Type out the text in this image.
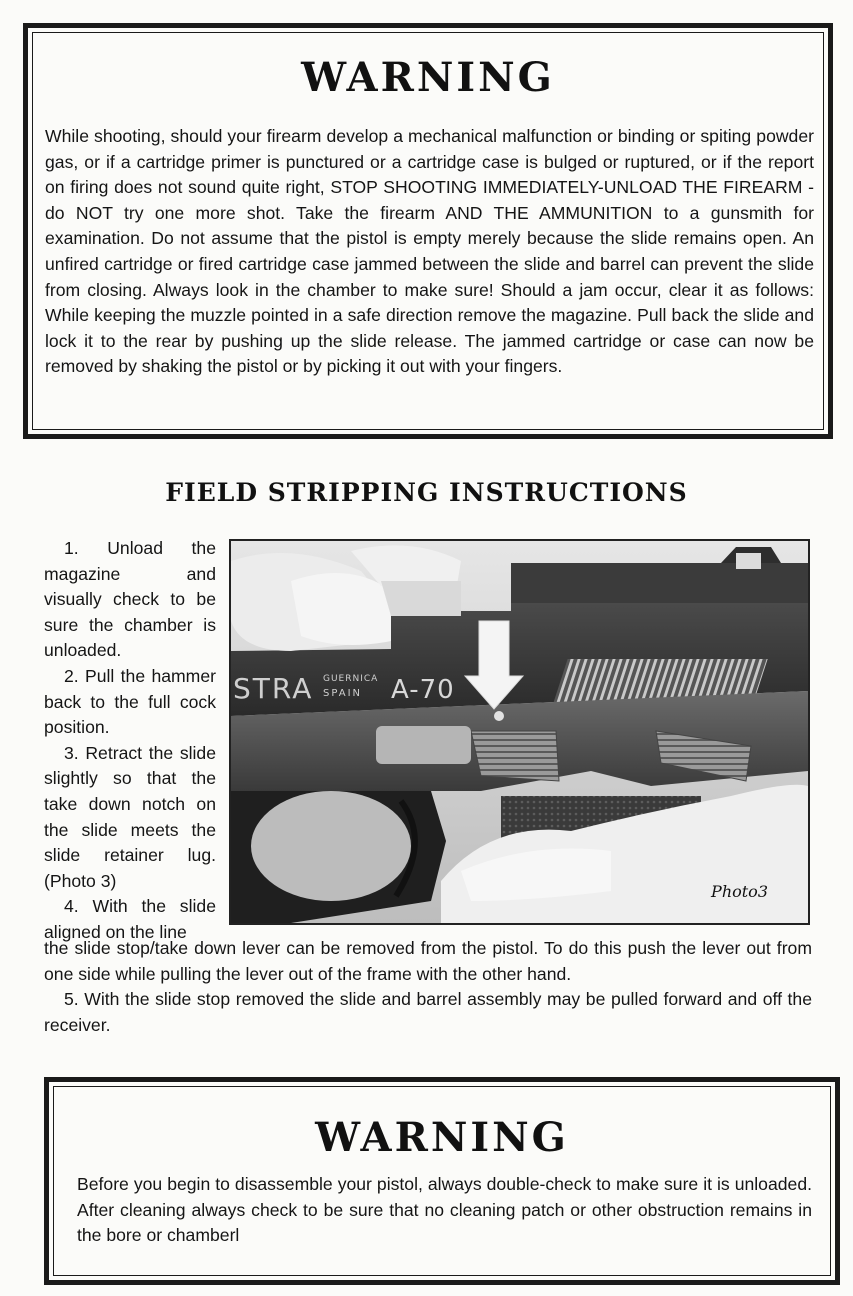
WARNING
While shooting, should your firearm develop a mechanical malfunction or binding or spiting powder gas, or if a cartridge primer is punctured or a cartridge case is bulged or ruptured, or if the report on firing does not sound quite right, STOP SHOOTING IMMEDIATELY-UNLOAD THE FIREARM - do NOT try one more shot. Take the firearm AND THE AMMUNITION to a gunsmith for examination. Do not assume that the pistol is empty merely because the slide remains open. An unfired cartridge or fired cartridge case jammed between the slide and barrel can prevent the slide from closing. Always look in the chamber to make sure! Should a jam occur, clear it as follows: While keeping the muzzle pointed in a safe direction remove the magazine. Pull back the slide and lock it to the rear by pushing up the slide release. The jammed cartridge or case can now be removed by shaking the pistol or by picking it out with your fingers.
FIELD STRIPPING INSTRUCTIONS

1. Unload the magazine and visually check to be sure the chamber is unloaded.

2. Pull the hammer back to the full cock position.

3. Retract the slide slightly so that the take down notch on the slide meets the slide retainer lug. (Photo 3)

4. With the slide aligned on the line

STRA GUERNICA
SPAIN A-70
Photo3

the slide stop/take down lever can be removed from the pistol. To do this push the lever out from one side while pulling the lever out of the frame with the other hand.

5. With the slide stop removed the slide and barrel assembly may be pulled forward and off the receiver.

WARNING
Before you begin to disassemble your pistol, always double-check to make sure it is unloaded. After cleaning always check to be sure that no cleaning patch or other obstruction remains in the bore or chamberl
